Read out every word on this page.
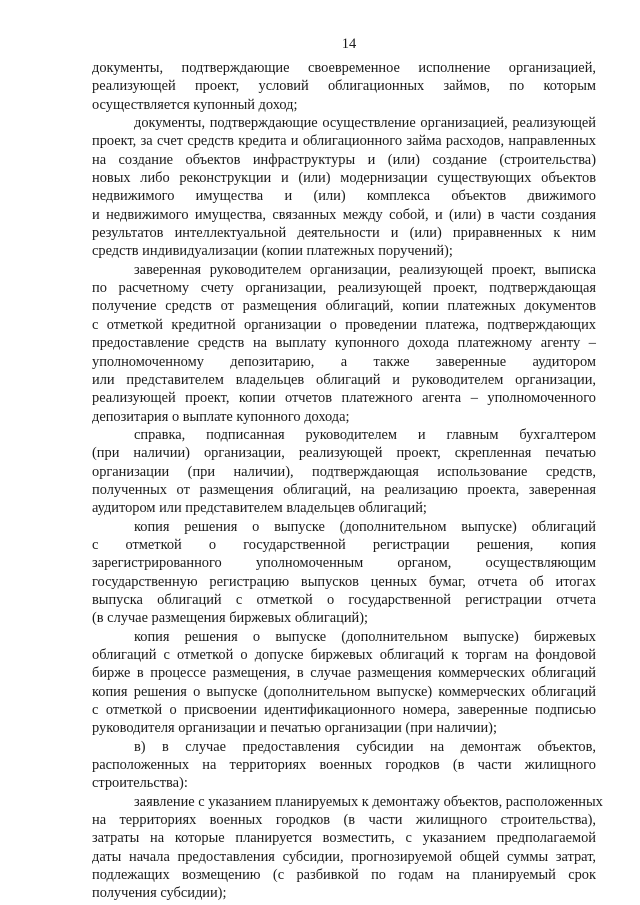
14
документы, подтверждающие своевременное исполнение организацией,
реализующей проект, условий облигационных займов, по которым
осуществляется купонный доход;
документы, подтверждающие осуществление организацией, реализующей
проект, за счет средств кредита и облигационного займа расходов, направленных
на создание объектов инфраструктуры и (или) создание (строительства)
новых либо реконструкции и (или) модернизации существующих объектов
недвижимого имущества и (или) комплекса объектов движимого
и недвижимого имущества, связанных между собой, и (или) в части создания
результатов интеллектуальной деятельности и (или) приравненных к ним
средств индивидуализации (копии платежных поручений);
заверенная руководителем организации, реализующей проект, выписка
по расчетному счету организации, реализующей проект, подтверждающая
получение средств от размещения облигаций, копии платежных документов
с отметкой кредитной организации о проведении платежа, подтверждающих
предоставление средств на выплату купонного дохода платежному агенту –
уполномоченному депозитарию, а также заверенные аудитором
или представителем владельцев облигаций и руководителем организации,
реализующей проект, копии отчетов платежного агента – уполномоченного
депозитария о выплате купонного дохода;
справка, подписанная руководителем и главным бухгалтером
(при наличии) организации, реализующей проект, скрепленная печатью
организации (при наличии), подтверждающая использование средств,
полученных от размещения облигаций, на реализацию проекта, заверенная
аудитором или представителем владельцев облигаций;
копия решения о выпуске (дополнительном выпуске) облигаций
с отметкой о государственной регистрации решения, копия
зарегистрированного уполномоченным органом, осуществляющим
государственную регистрацию выпусков ценных бумаг, отчета об итогах
выпуска облигаций с отметкой о государственной регистрации отчета
(в случае размещения биржевых облигаций);
копия решения о выпуске (дополнительном выпуске) биржевых
облигаций с отметкой о допуске биржевых облигаций к торгам на фондовой
бирже в процессе размещения, в случае размещения коммерческих облигаций
копия решения о выпуске (дополнительном выпуске) коммерческих облигаций
с отметкой о присвоении идентификационного номера, заверенные подписью
руководителя организации и печатью организации (при наличии);
в) в случае предоставления субсидии на демонтаж объектов,
расположенных на территориях военных городков (в части жилищного
строительства):
заявление с указанием планируемых к демонтажу объектов, расположенных
на территориях военных городков (в части жилищного строительства),
затраты на которые планируется возместить, с указанием предполагаемой
даты начала предоставления субсидии, прогнозируемой общей суммы затрат,
подлежащих возмещению (с разбивкой по годам на планируемый срок
получения субсидии);
